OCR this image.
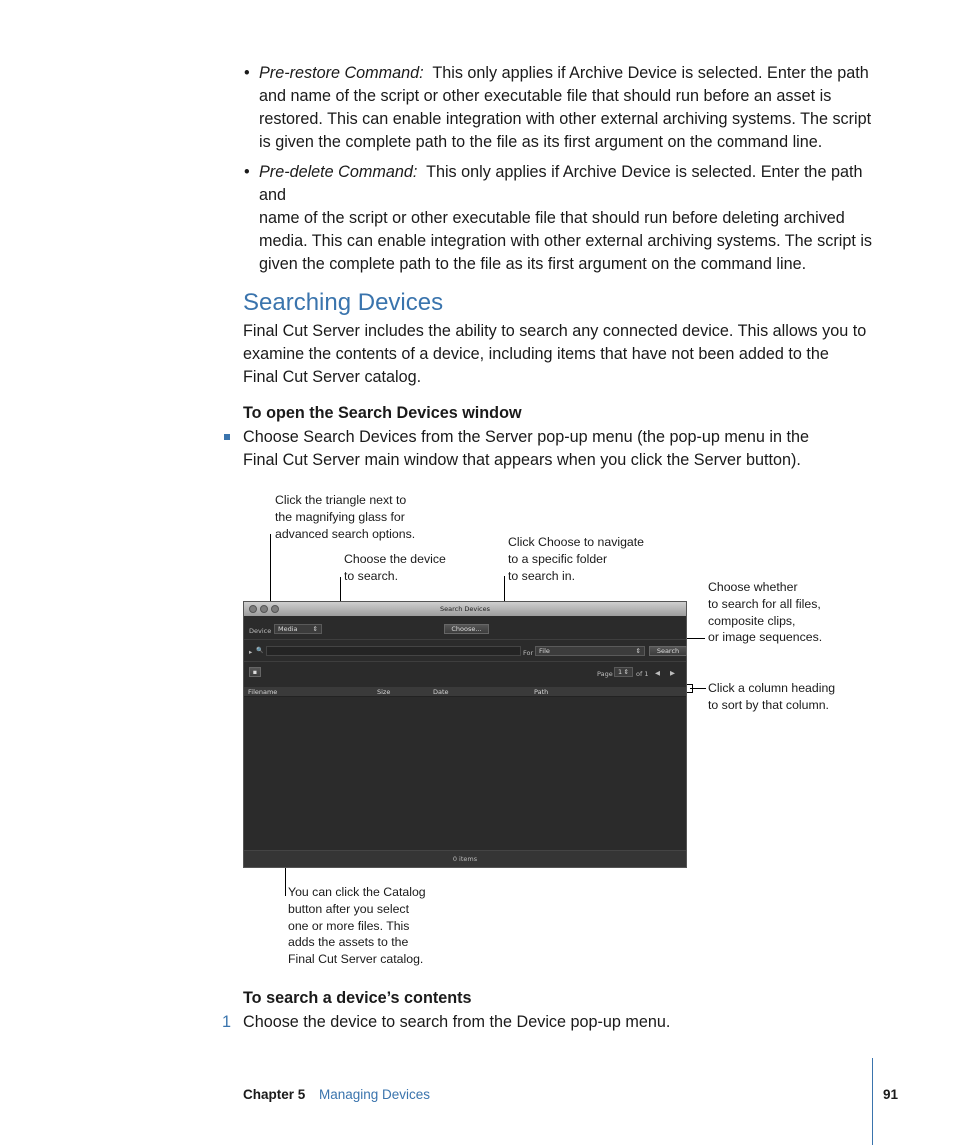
• Pre-restore Command: This only applies if Archive Device is selected. Enter the path
and name of the script or other executable file that should run before an asset is
restored. This can enable integration with other external archiving systems. The script
is given the complete path to the file as its first argument on the command line.
• Pre-delete Command: This only applies if Archive Device is selected. Enter the path and
name of the script or other executable file that should run before deleting archived
media. This can enable integration with other external archiving systems. The script is
given the complete path to the file as its first argument on the command line.
Searching Devices
Final Cut Server includes the ability to search any connected device. This allows you to
examine the contents of a device, including items that have not been added to the
Final Cut Server catalog.
To open the Search Devices window
Choose Search Devices from the Server pop-up menu (the pop-up menu in the
Final Cut Server main window that appears when you click the Server button).
Click the triangle next to
the magnifying glass for
advanced search options.
Choose the device
to search.
Click Choose to navigate
to a specific folder
to search in.
Choose whether
to search for all files,
composite clips,
or image sequences.
Click a column heading
to sort by that column.
You can click the Catalog
button after you select
one or more files. This
adds the assets to the
Final Cut Server catalog.
Search Devices
Device	Media ⇕	Choose...
▸ 🔍	For File	⇕	Search
▪	Page 1 ⇕ of 1 ◀ ▶
Filename	Size	Date	Path
0 items
To search a device’s contents
1 Choose the device to search from the Device pop-up menu.
Chapter 5 Managing Devices	91
